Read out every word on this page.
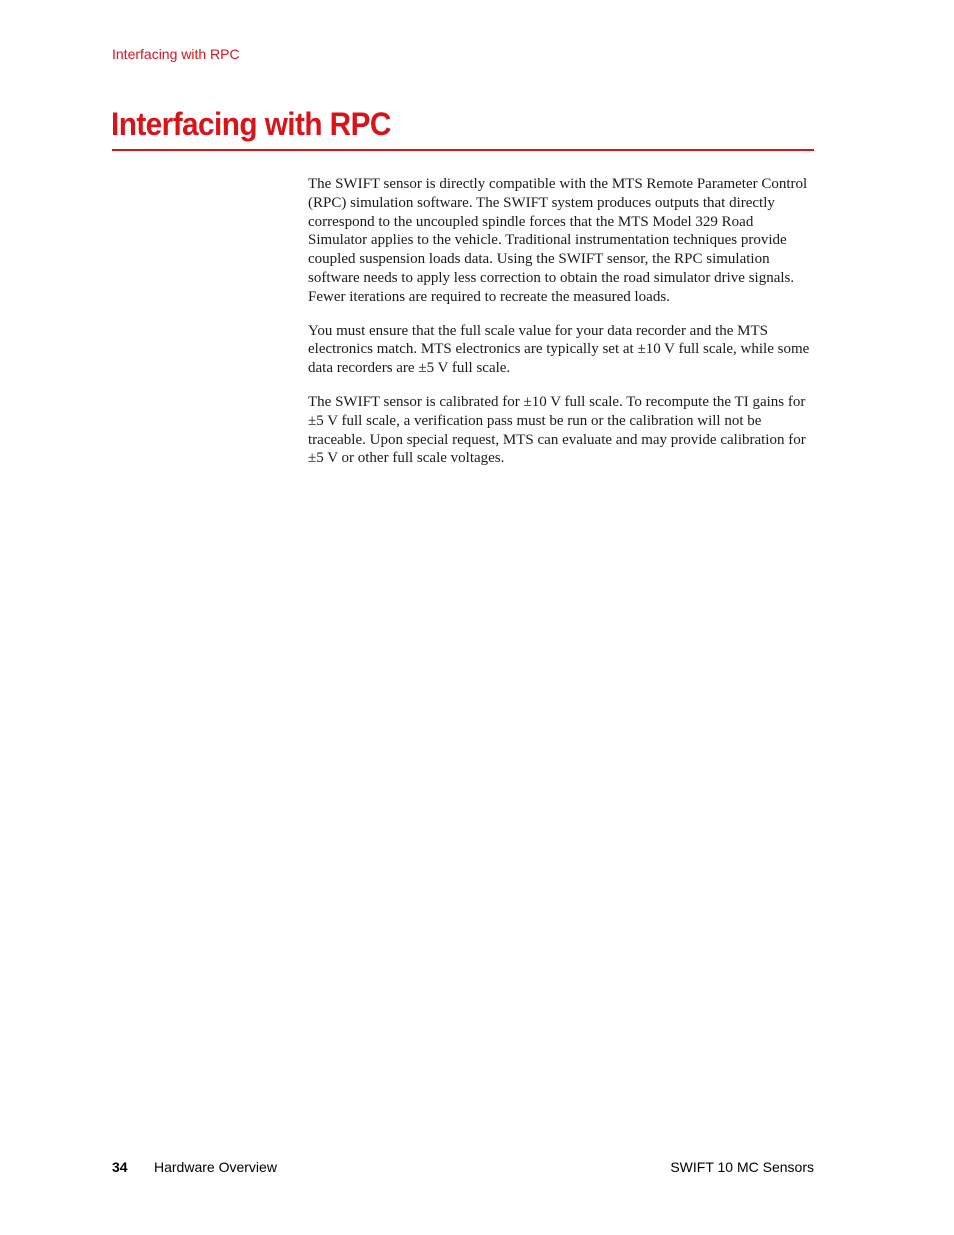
Interfacing with RPC
Interfacing with RPC

The SWIFT sensor is directly compatible with the MTS Remote Parameter Control (RPC) simulation software. The SWIFT system produces outputs that directly correspond to the uncoupled spindle forces that the MTS Model 329 Road Simulator applies to the vehicle. Traditional instrumentation techniques provide coupled suspension loads data. Using the SWIFT sensor, the RPC simulation software needs to apply less correction to obtain the road simulator drive signals. Fewer iterations are required to recreate the measured loads.

You must ensure that the full scale value for your data recorder and the MTS electronics match. MTS electronics are typically set at ±10 V full scale, while some data recorders are ±5 V full scale.

The SWIFT sensor is calibrated for ±10 V full scale. To recompute the TI gains for ±5 V full scale, a verification pass must be run or the calibration will not be traceable. Upon special request, MTS can evaluate and may provide calibration for ±5 V or other full scale voltages.

34 Hardware Overview	SWIFT 10 MC Sensors
